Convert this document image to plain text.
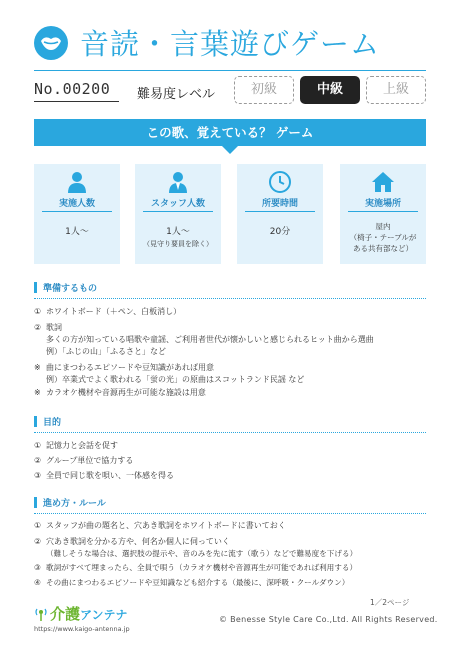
音読・言葉遊びゲーム
No.00200 難易度レベル	初級	中級	上級
この歌、覚えている？ ゲーム
実施人数
1人〜
スタッフ人数
1人〜
（見守り要員を除く）
所要時間
20分
実施場所
屋内
（椅子・テーブルが
ある共有部など）
準備するもの
① ホワイトボード（＋ペン、白板消し）
② 歌詞
多くの方が知っている唱歌や童謡、ご利用者世代が懐かしいと感じられるヒット曲から選曲
例）「ふじの山」「ふるさと」など
※ 曲にまつわるエピソードや豆知識があれば用意
例）卒業式でよく歌われる「蛍の光」の原曲はスコットランド民謡 など
※ カラオケ機材や音源再生が可能な施設は用意
目的
① 記憶力と会話を促す
② グループ単位で協力する
③ 全員で同じ歌を唄い、一体感を得る
進め方・ルール
① スタッフが曲の題名と、穴あき歌詞をホワイトボードに書いておく
② 穴あき歌詞を分かる方や、何名か個人に伺っていく
（難しそうな場合は、選択肢の提示や、音のみを先に流す（歌う）などで難易度を下げる）
③ 歌詞がすべて埋まったら、全員で唄う（カラオケ機材や音源再生が可能であれば利用する）
④ その曲にまつわるエピソードや豆知識なども紹介する（最後に、深呼吸・クールダウン）
1／2ページ
介護アンテナ
https://www.kaigo-antenna.jp
© Benesse Style Care Co.,Ltd. All Rights Reserved.
